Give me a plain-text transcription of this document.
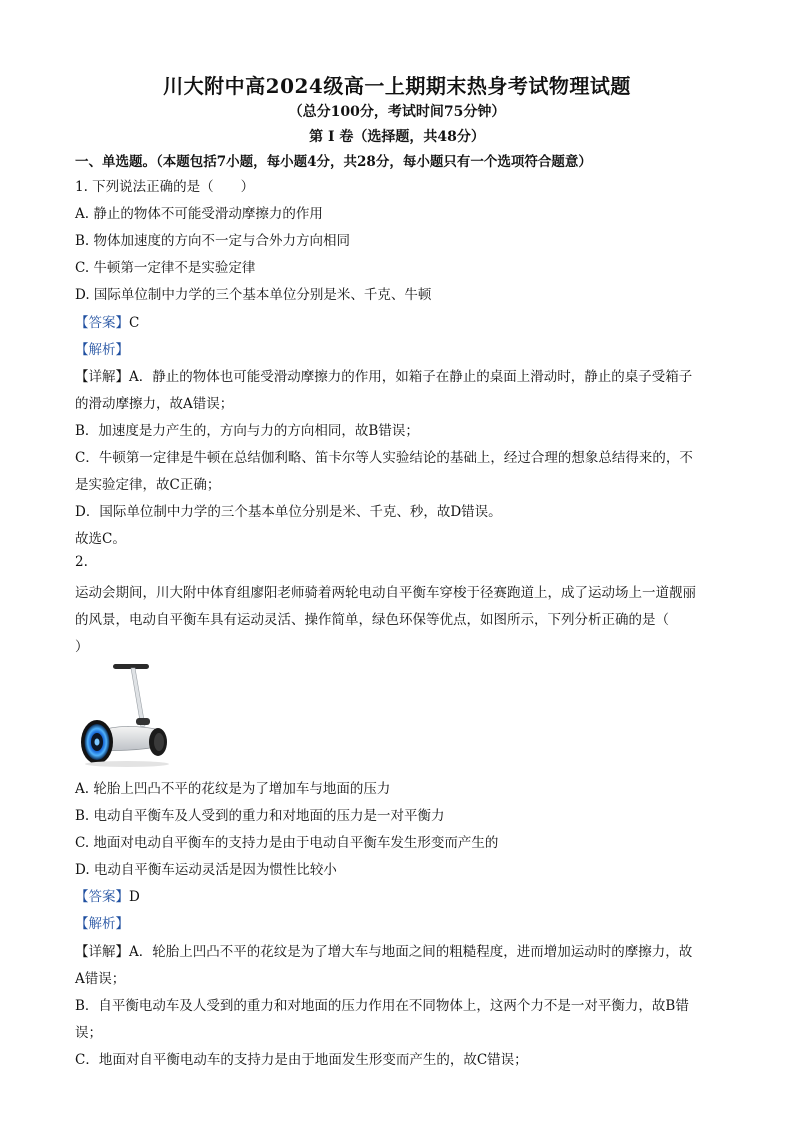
川大附中高2024级高一上期期末热身考试物理试题
（总分100分，考试时间75分钟）
第 I 卷（选择题，共48分）
一、单选题。（本题包括7小题，每小题4分，共28分，每小题只有一个选项符合题意）
1. 下列说法正确的是（　　）
A. 静止的物体不可能受滑动摩擦力的作用
B. 物体加速度的方向不一定与合外力方向相同
C. 牛顿第一定律不是实验定律
D. 国际单位制中力学的三个基本单位分别是米、千克、牛顿
【答案】C
【解析】
【详解】A．静止的物体也可能受滑动摩擦力的作用，如箱子在静止的桌面上滑动时，静止的桌子受箱子
的滑动摩擦力，故A错误；
B．加速度是力产生的，方向与力的方向相同，故B错误；
C．牛顿第一定律是牛顿在总结伽利略、笛卡尔等人实验结论的基础上，经过合理的想象总结得来的，不
是实验定律，故C正确；
D．国际单位制中力学的三个基本单位分别是米、千克、秒，故D错误。
故选C。
2.
运动会期间，川大附中体育组廖阳老师骑着两轮电动自平衡车穿梭于径赛跑道上，成了运动场上一道靓丽
的风景，电动自平衡车具有运动灵活、操作简单，绿色环保等优点，如图所示，下列分析正确的是（
）
A. 轮胎上凹凸不平的花纹是为了增加车与地面的压力
B. 电动自平衡车及人受到的重力和对地面的压力是一对平衡力
C. 地面对电动自平衡车的支持力是由于电动自平衡车发生形变而产生的
D. 电动自平衡车运动灵活是因为惯性比较小
【答案】D
【解析】
【详解】A．轮胎上凹凸不平的花纹是为了增大车与地面之间的粗糙程度，进而增加运动时的摩擦力，故
A错误；
B．自平衡电动车及人受到的重力和对地面的压力作用在不同物体上，这两个力不是一对平衡力，故B错
误；
C．地面对自平衡电动车的支持力是由于地面发生形变而产生的，故C错误；
